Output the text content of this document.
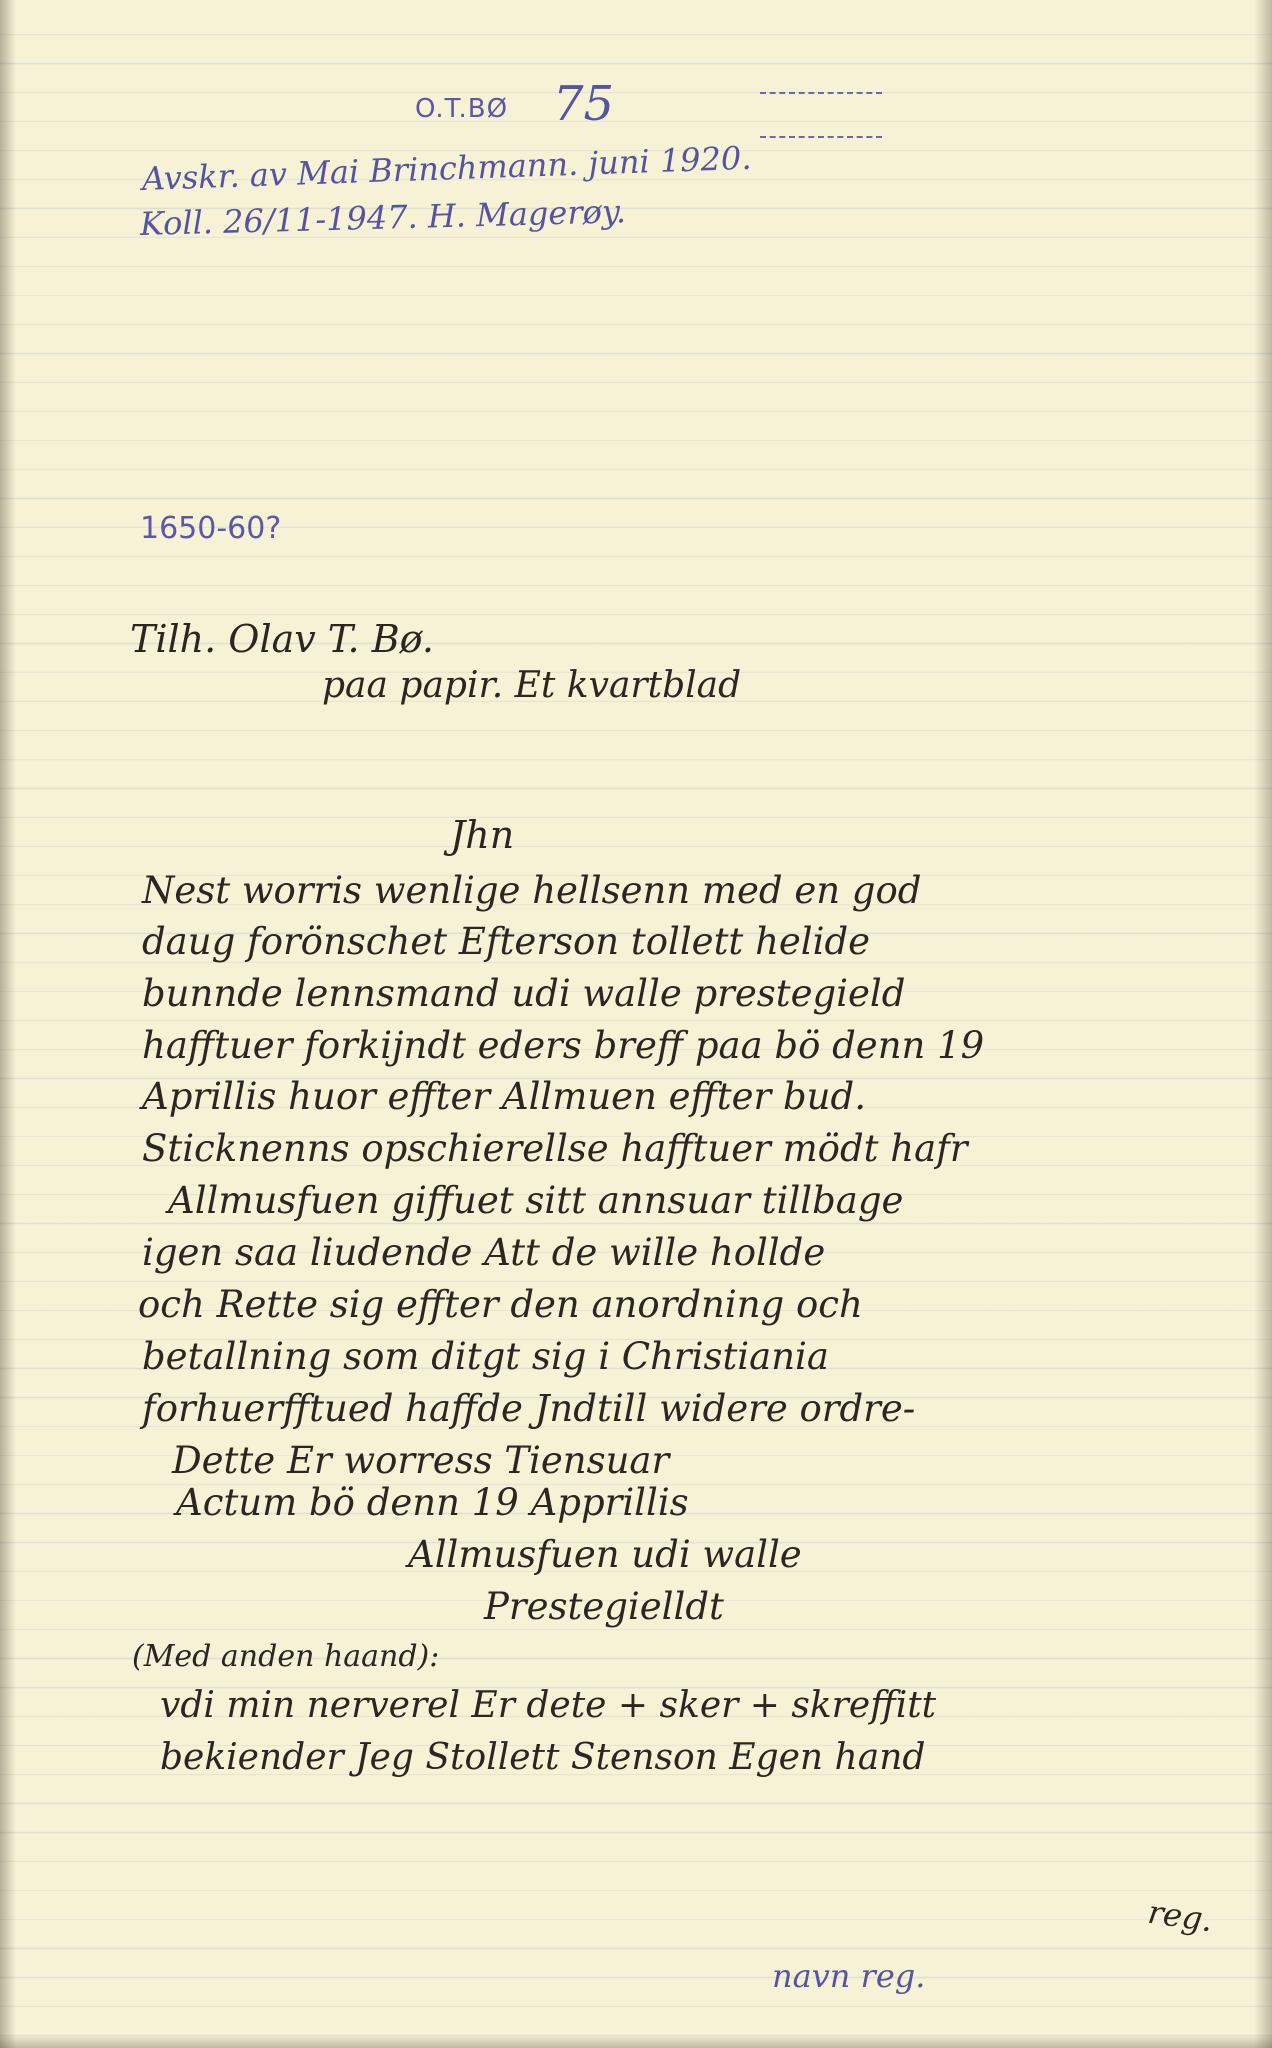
O.T.BØ 75
Avskr. av Mai Brinchmann. juni 1920.
Koll. 26/11-1947. H. Magerøy.
1650-60?
Tilh. Olav T. Bø.
paa papir. Et kvartblad
Jhn
Nest worris wenlige hellsenn med en god
daug forönschet Efterson tollett helide
bunnde lennsmand udi walle prestegield
hafftuer forkijndt eders breff paa bö denn 19
Aprillis huor effter Allmuen effter bud.
Sticknenns opschierellse hafftuer mödt hafr
Allmusfuen giffuet sitt annsuar tillbage
igen saa liudende Att de wille hollde
och Rette sig effter den anordning och
betallning som ditgt sig i Christiania
forhuerfftued haffde Jndtill widere ordre-
Dette Er worress Tiensuar
Actum bö denn 19 Apprillis
Allmusfuen udi walle
Prestegielldt
(Med anden haand):
vdi min nerverel Er dete + sker + skreffitt
bekiender Jeg Stollett Stenson Egen hand
reg.
navn reg.
